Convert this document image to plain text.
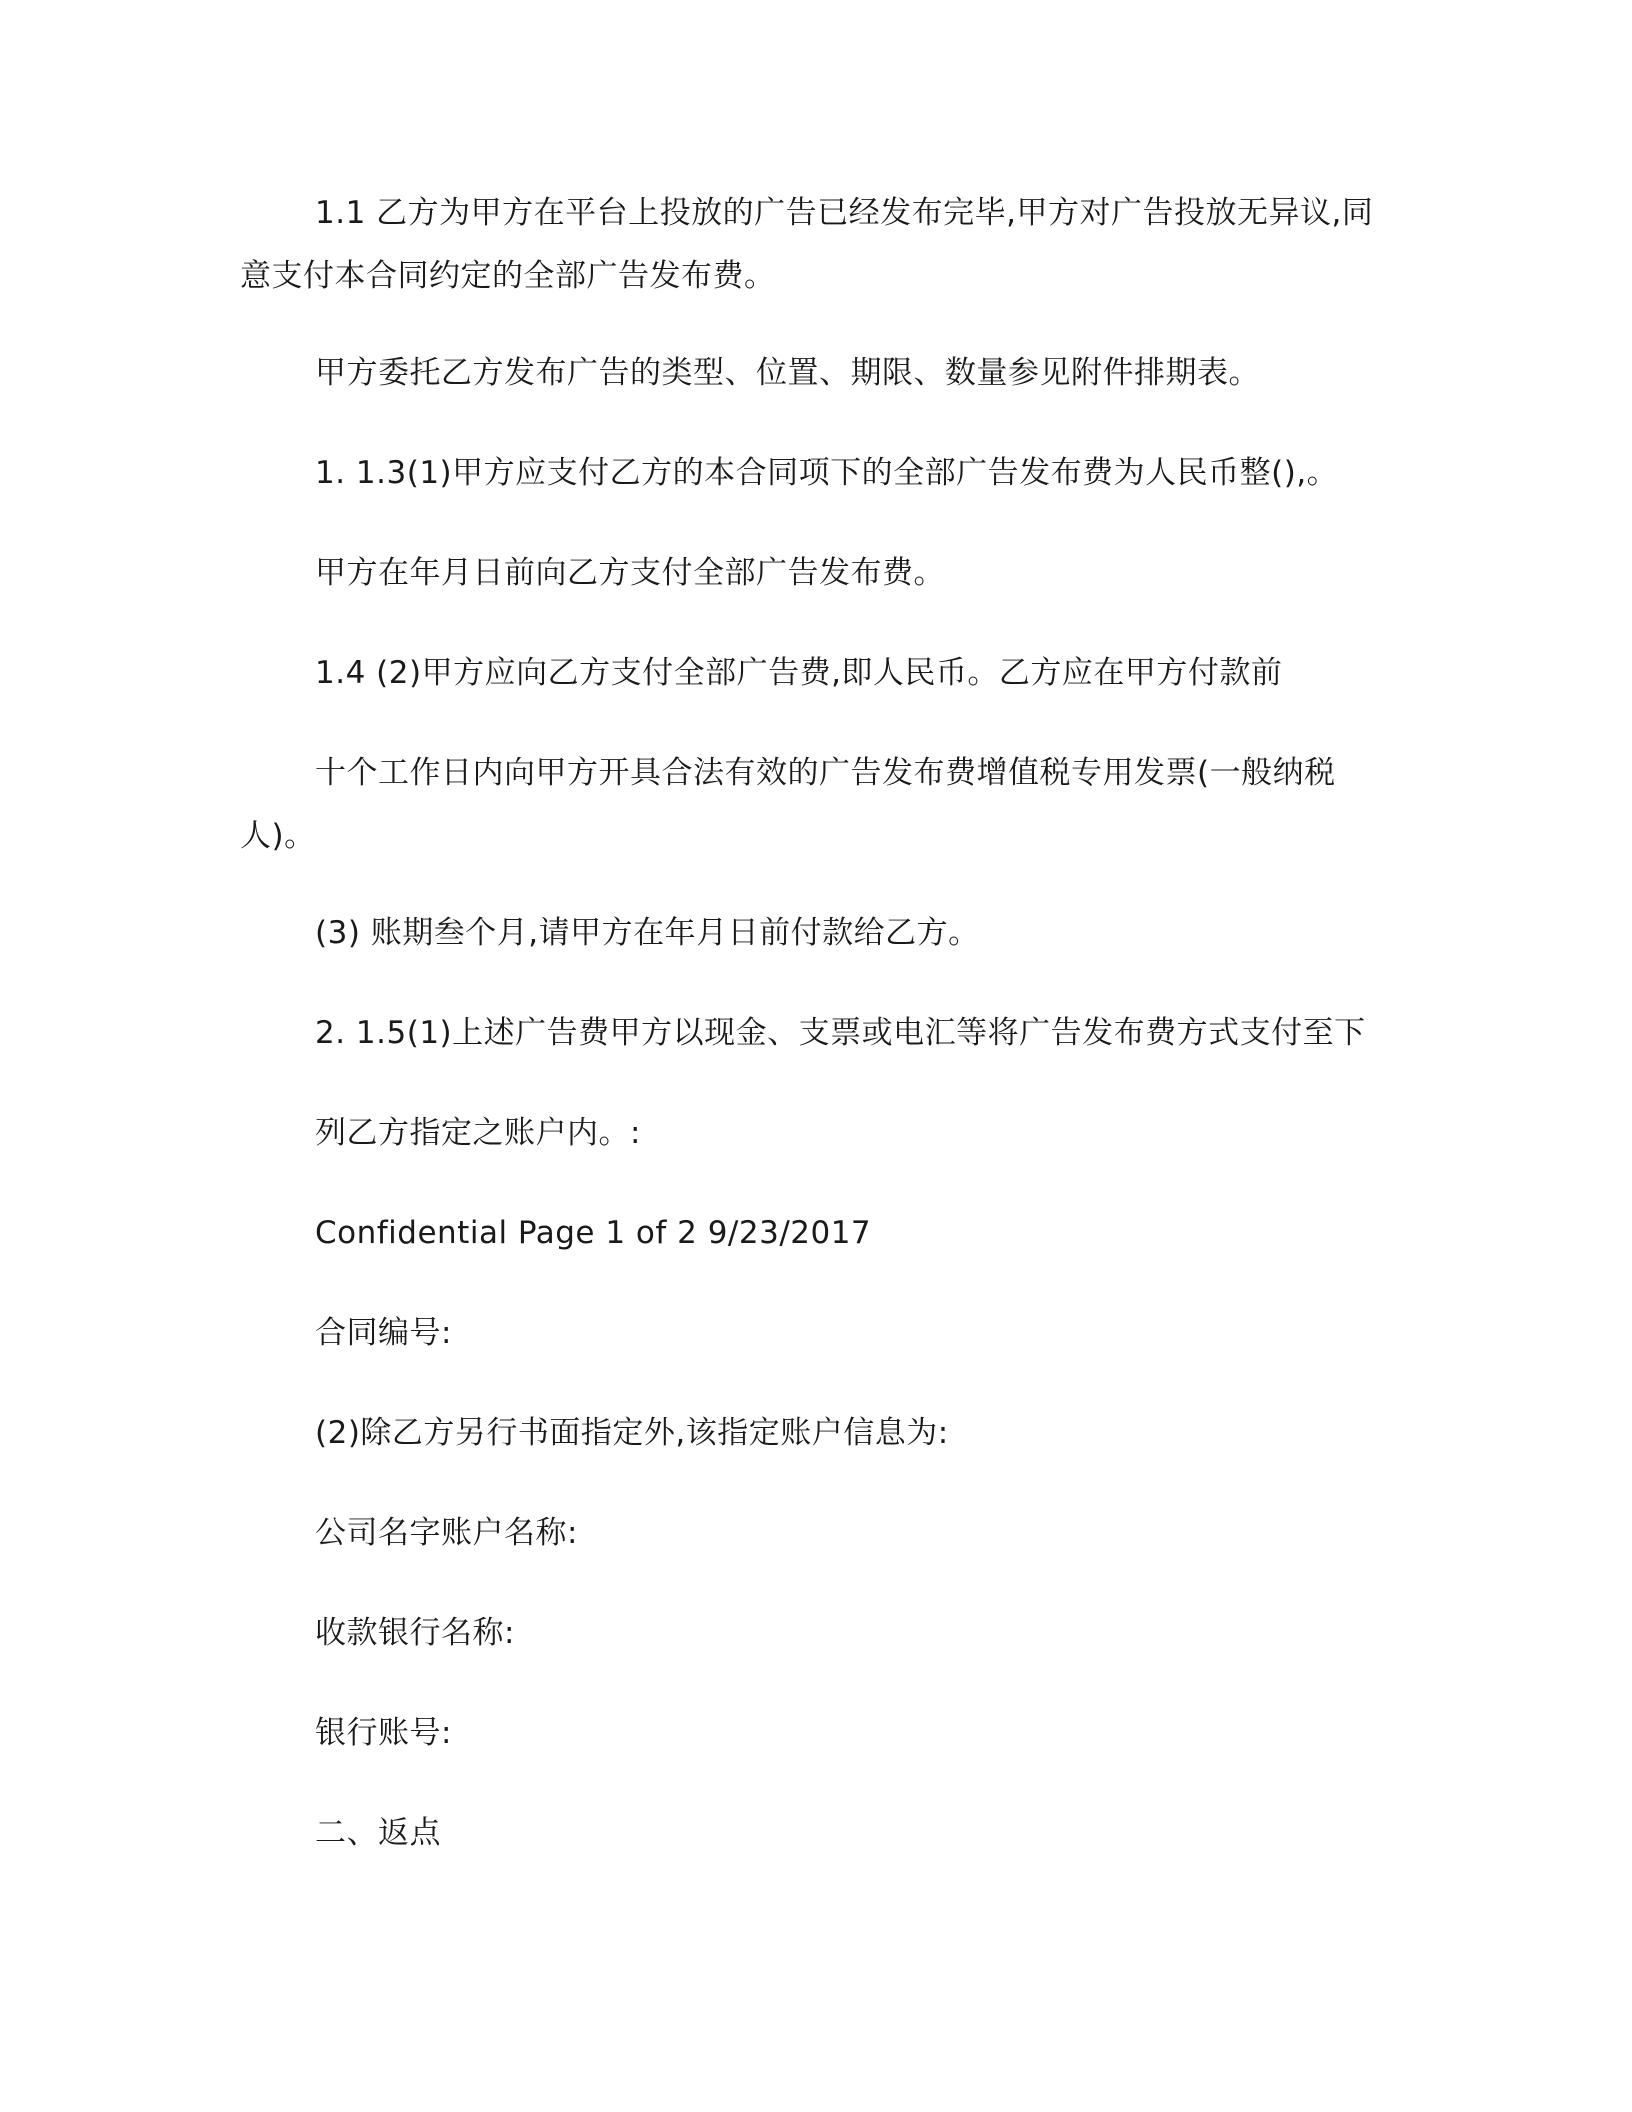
1.1 乙方为甲方在平台上投放的广告已经发布完毕,甲方对广告投放无异议,同
意支付本合同约定的全部广告发布费。
甲方委托乙方发布广告的类型、位置、期限、数量参见附件排期表。
1. 1.3(1)甲方应支付乙方的本合同项下的全部广告发布费为人民币整(),。
甲方在年月日前向乙方支付全部广告发布费。
1.4 (2)甲方应向乙方支付全部广告费,即人民币。乙方应在甲方付款前
十个工作日内向甲方开具合法有效的广告发布费增值税专用发票(一般纳税
人)。
(3) 账期叁个月,请甲方在年月日前付款给乙方。
2. 1.5(1)上述广告费甲方以现金、支票或电汇等将广告发布费方式支付至下
列乙方指定之账户内。:
Confidential Page 1 of 2 9/23/2017
合同编号:
(2)除乙方另行书面指定外,该指定账户信息为:
公司名字账户名称:
收款银行名称:
银行账号:
二、返点
